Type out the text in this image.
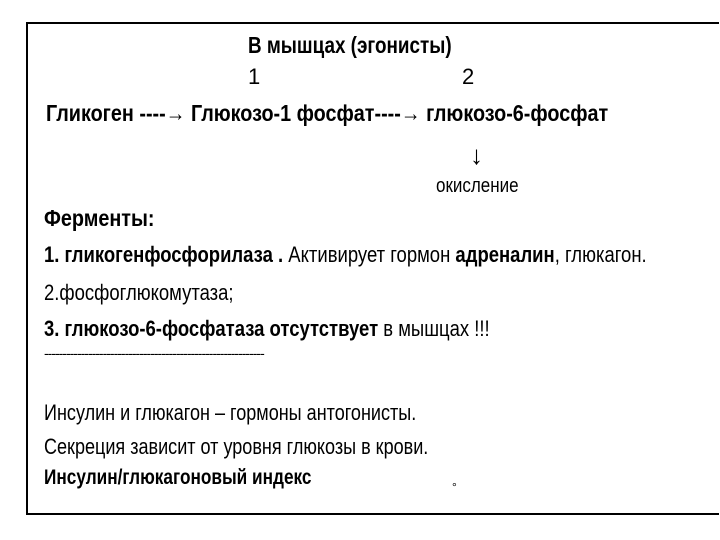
В мышцах (эгонисты)
1	2
Гликоген ----→ Глюкозо-1 фосфат----→ глюкозо-6-фосфат
↓
окисление
Ферменты:
1. гликогенфосфорилаза . Активирует гормон адреналин, глюкагон.
2.фосфоглюкомутаза;
3. глюкозо-6-фосфатаза отсутствует в мышцах !!!
------------------------------------------------------------
Инсулин и глюкагон – гормоны антогонисты.
Секреция зависит от уровня глюкозы в крови.
Инсулин/глюкагоновый индекс	°
